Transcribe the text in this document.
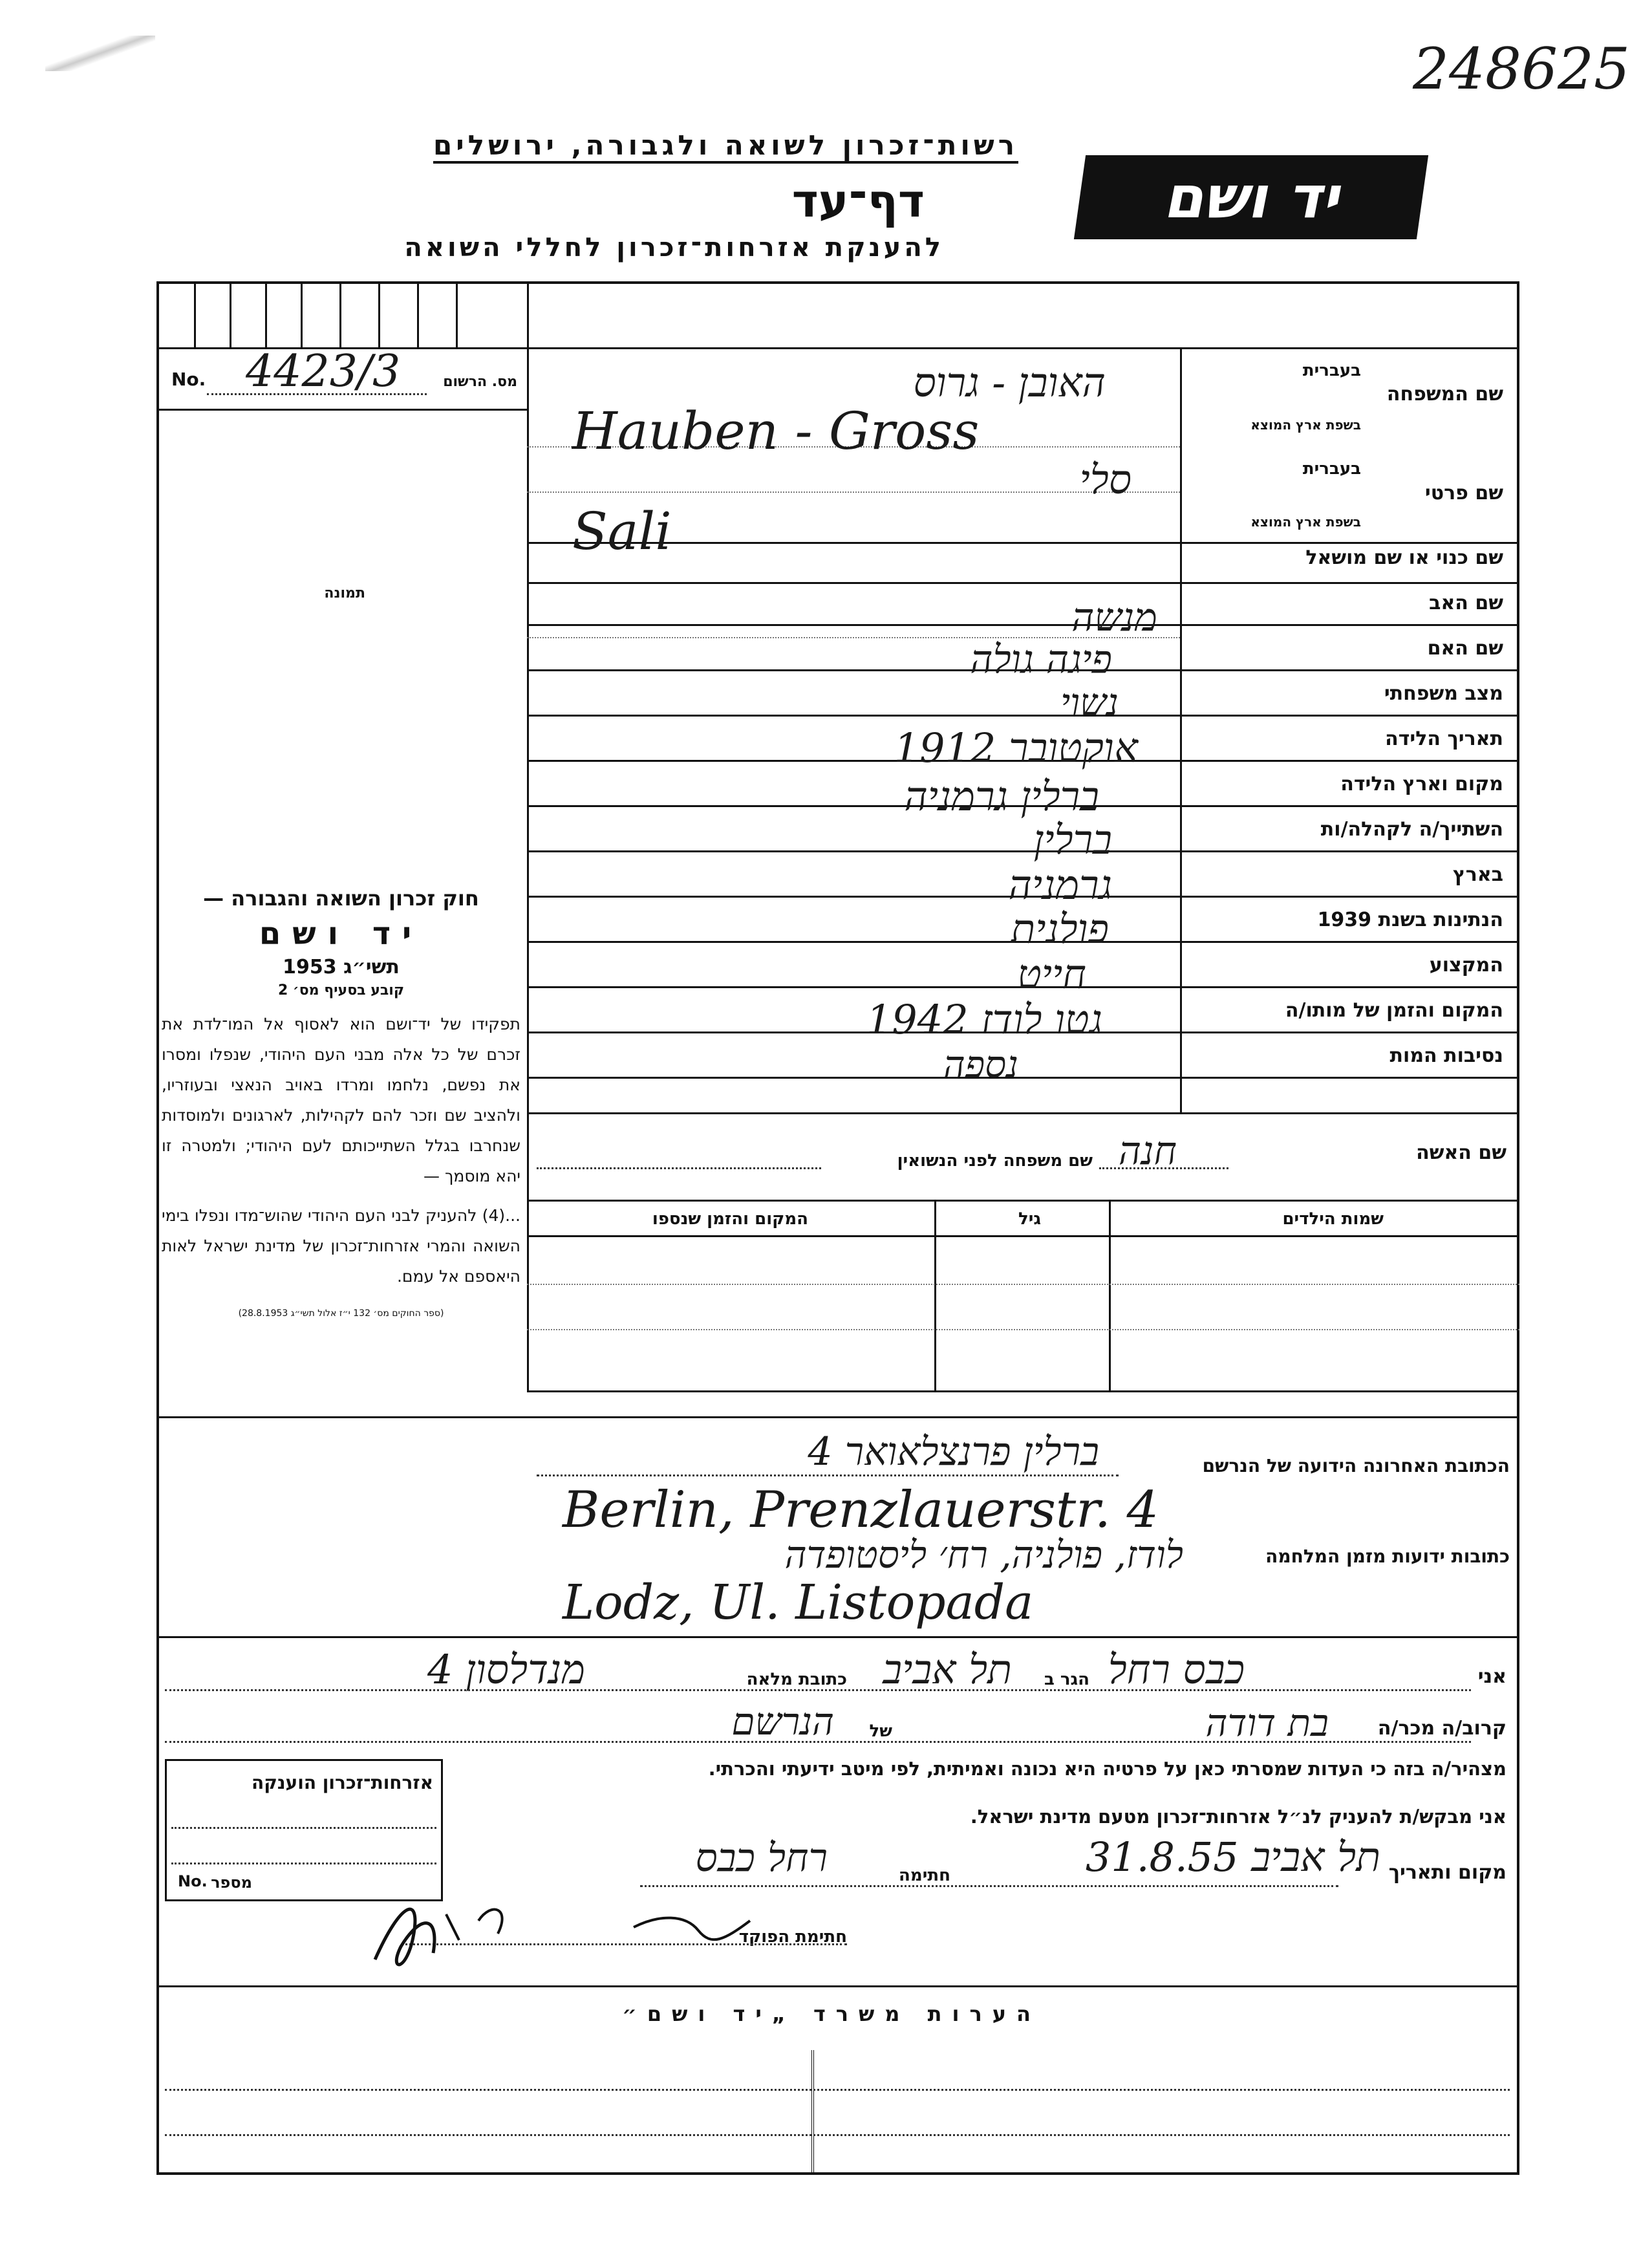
248625
רשות־זכרון לשואה ולגבורה, ירושלים
דף־עד
להענקת אזרחות־זכרון לחללי השואה
יד ושם
No. 4423/3	מס. הרשום
תמונה
שם המשפחה
בעברית
בשפת ארץ המוצא
שם פרטי
בעברית
בשפת ארץ המוצא
האובן - גרוס
Hauben - Gross
סלי
Sali	שם כנוי או שם מושאל
שם האב
שם האם
מצב משפחתי
תאריך הלידה
מקום וארץ הלידה
השתייך/ה לקהלה/ות
בארץ
הנתינות בשנת 1939
המקצוע
המקום והזמן של מותו/ה
נסיבות המות
מנשה
פיגה גולה
נשוי
אוקטובר 1912
ברלין גרמניה
ברלין
גרמניה
פולנית
חייט
גטו לודז 1942
נספה
שם האשה
חנה
שם משפחה לפני הנשואין
שמות הילדים
גיל
המקום והזמן שנספו
חוק זכרון השואה והגבורה —
יד ושם
תשי״ג 1953
קובע בסעיף מס׳ 2

תפקידו של יד־ושם הוא לאסוף אל המו־לדת את זכרם של כל אלה מבני העם היהודי, שנפלו ומסרו את נפשם, נלחמו ומרדו באויב הנאצי ובעוזריו, ולהציב שם וזכר להם לקהילות, לארגונים ולמוסדות שנחרבו בגלל השתייכותם לעם היהודי; ולמטרה זו יהא מוסמך —

...(4) להעניק לבני העם היהודי שהוש־מדו ונפלו בימי השואה והמרי אזרחות־זכרון של מדינת ישראל לאות היאספם אל עמם.

(ספר החוקים מס׳ 132 י״ז אלול תשי״ג 28.8.1953)

הכתובת האחרונה הידועה של הנרשם
ברלין פרנצלאואר 4
Berlin, Prenzlauerstr. 4
כתובות ידועות מזמן המלחמה
לודז, פולניה, רח׳ ליסטופדה
Lodz, Ul. Listopada
אני
כבס רחל
הגר ב
תל אביב
כתובת מלאה
מנדלסון 4
קרוב/ה מכר/ה
בת דודה
של
הנרשם
מצהיר/ה בזה כי העדות שמסרתי כאן על פרטיה היא נכונה ואמיתית, לפי מיטב ידיעתי והכרתי.
אני מבקש/ת להעניק לנ״ל אזרחות־זכרון מטעם מדינת ישראל.
מקום ותאריך
תל אביב 31.8.55
חתימה
רחל כבס
חתימת הפוקד
אזרחות־זכרון הוענקה
No. מספר
הערות משרד „יד ושם״
